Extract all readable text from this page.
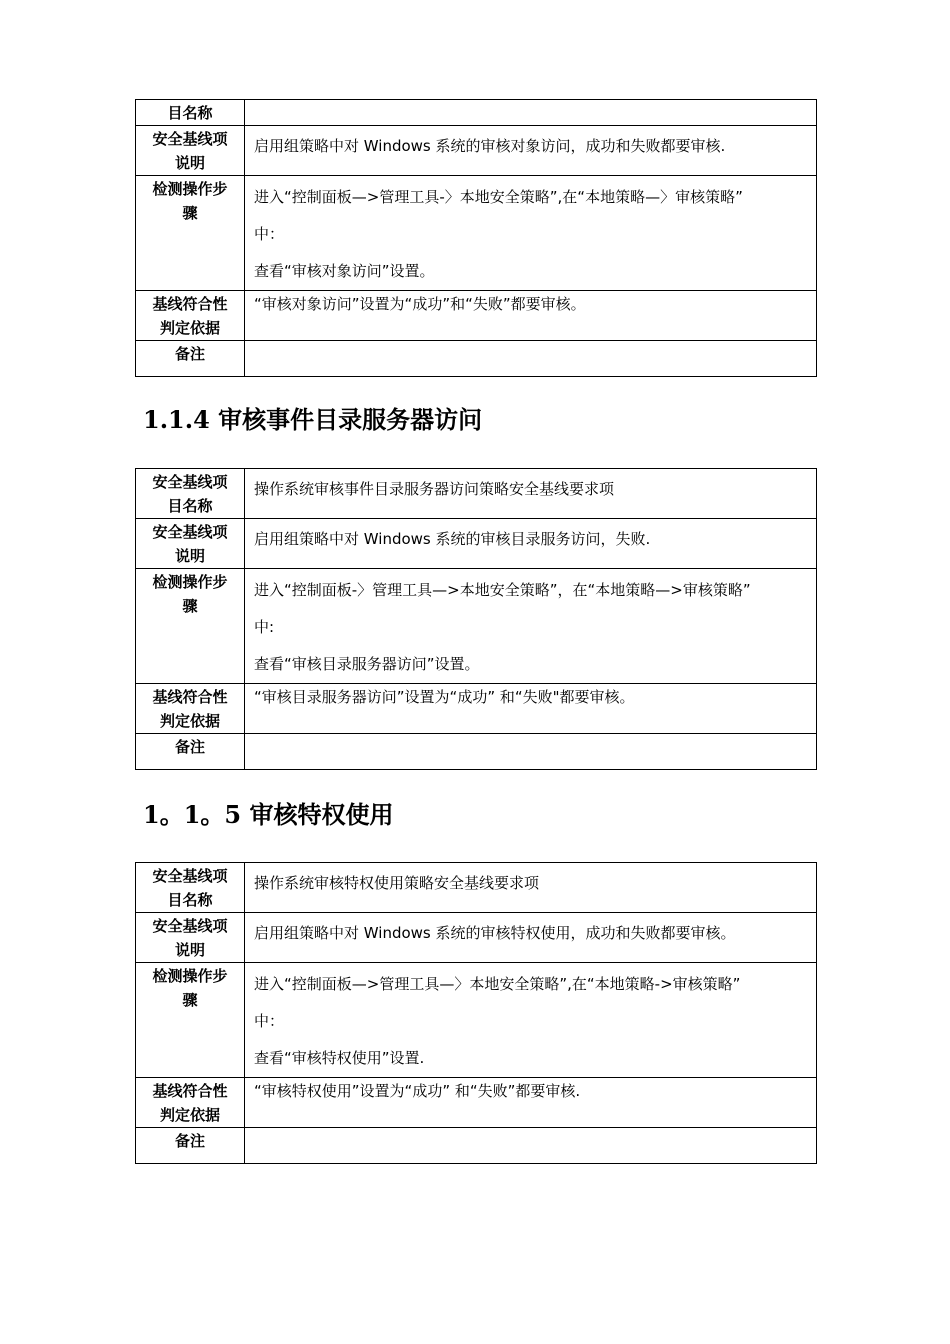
目名称	
安全基线项
说明	启用组策略中对 Windows 系统的审核对象访问，成功和失败都要审核.

检测操作步
骤	进入“控制面板—>管理工具-〉本地安全策略”,在“本地策略—〉审核策略”
中：
查看“审核对象访问”设置。

基线符合性
判定依据	“审核对象访问”设置为“成功”和“失败”都要审核。

备注	
1.1.4 审核事件目录服务器访问
安全基线项
目名称	操作系统审核事件目录服务器访问策略安全基线要求项

安全基线项
说明	启用组策略中对 Windows 系统的审核目录服务访问，失败.

检测操作步
骤	进入“控制面板-〉管理工具—>本地安全策略”，在“本地策略—>审核策略”
中:
查看“审核目录服务器访问”设置。

基线符合性
判定依据	“审核目录服务器访问”设置为“成功” 和“失败"都要审核。

备注	
1。1。5 审核特权使用
安全基线项
目名称	操作系统审核特权使用策略安全基线要求项

安全基线项
说明	启用组策略中对 Windows 系统的审核特权使用，成功和失败都要审核。

检测操作步
骤	进入“控制面板—>管理工具—〉本地安全策略”,在“本地策略->审核策略”
中：
查看“审核特权使用”设置.

基线符合性
判定依据	“审核特权使用”设置为“成功” 和“失败”都要审核.

备注	
